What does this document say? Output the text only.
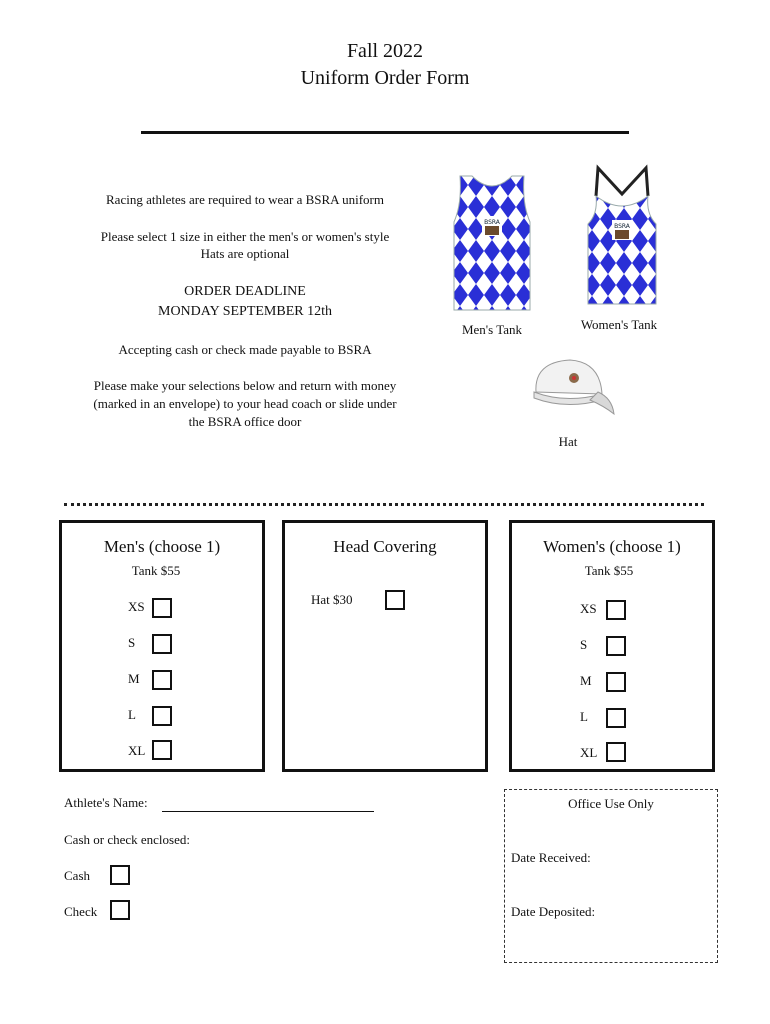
Fall 2022
Uniform Order Form
Racing athletes are required to wear a BSRA uniform
Please select 1 size in either the men's or women's style
Hats are optional
ORDER DEADLINE
MONDAY SEPTEMBER 12th
Accepting cash or check made payable to BSRA
Please make your selections below and return with money
(marked in an envelope) to your head coach or slide under
the BSRA office door
BSRA
Men's Tank
BSRA
Women's Tank
Hat
Men's (choose 1)
Tank $55
XS
S
M
L
XL
Head Covering
Hat $30
Women's (choose 1)
Tank $55
XS
S
M
L
XL
Athlete's Name:
Cash or check enclosed:
Cash
Check
Office Use Only
Date Received:
Date Deposited:
